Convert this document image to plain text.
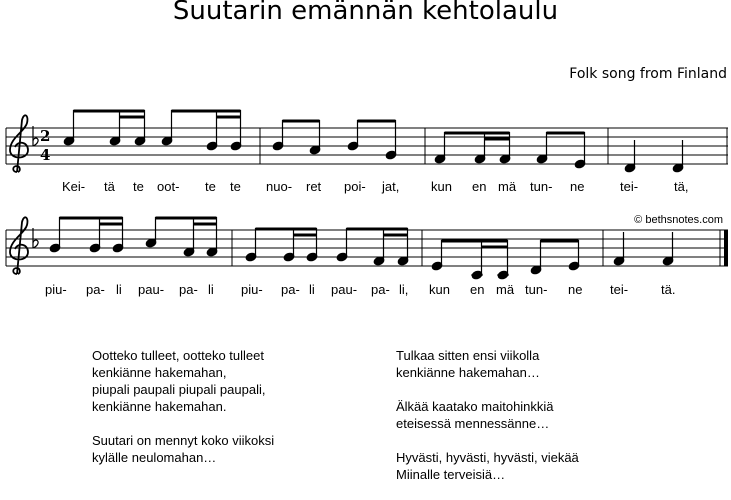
Suutarin emännän kehtolaulu
Folk song from Finland
© bethsnotes.com
2
4
Kei- tä te oot- te te nuo- ret poi- jat, kun en mä tun- ne	tei-	tä,
piu- pa- li pau- pa- li piu- pa- li pau- pa- li, kun en mä tun- ne tei-	tä.

Ootteko tulleet, ootteko tulleet

kenkiänne hakemahan,

piupali paupali piupali paupali,

kenkiänne hakemahan.

Suutari on mennyt koko viikoksi

kylälle neulomahan…

Tulkaa sitten ensi viikolla

kenkiänne hakemahan…

Älkää kaatako maitohinkkiä

eteisessä mennessänne…

Hyvästi, hyvästi, hyvästi, viekää

Miinalle terveisiä…
